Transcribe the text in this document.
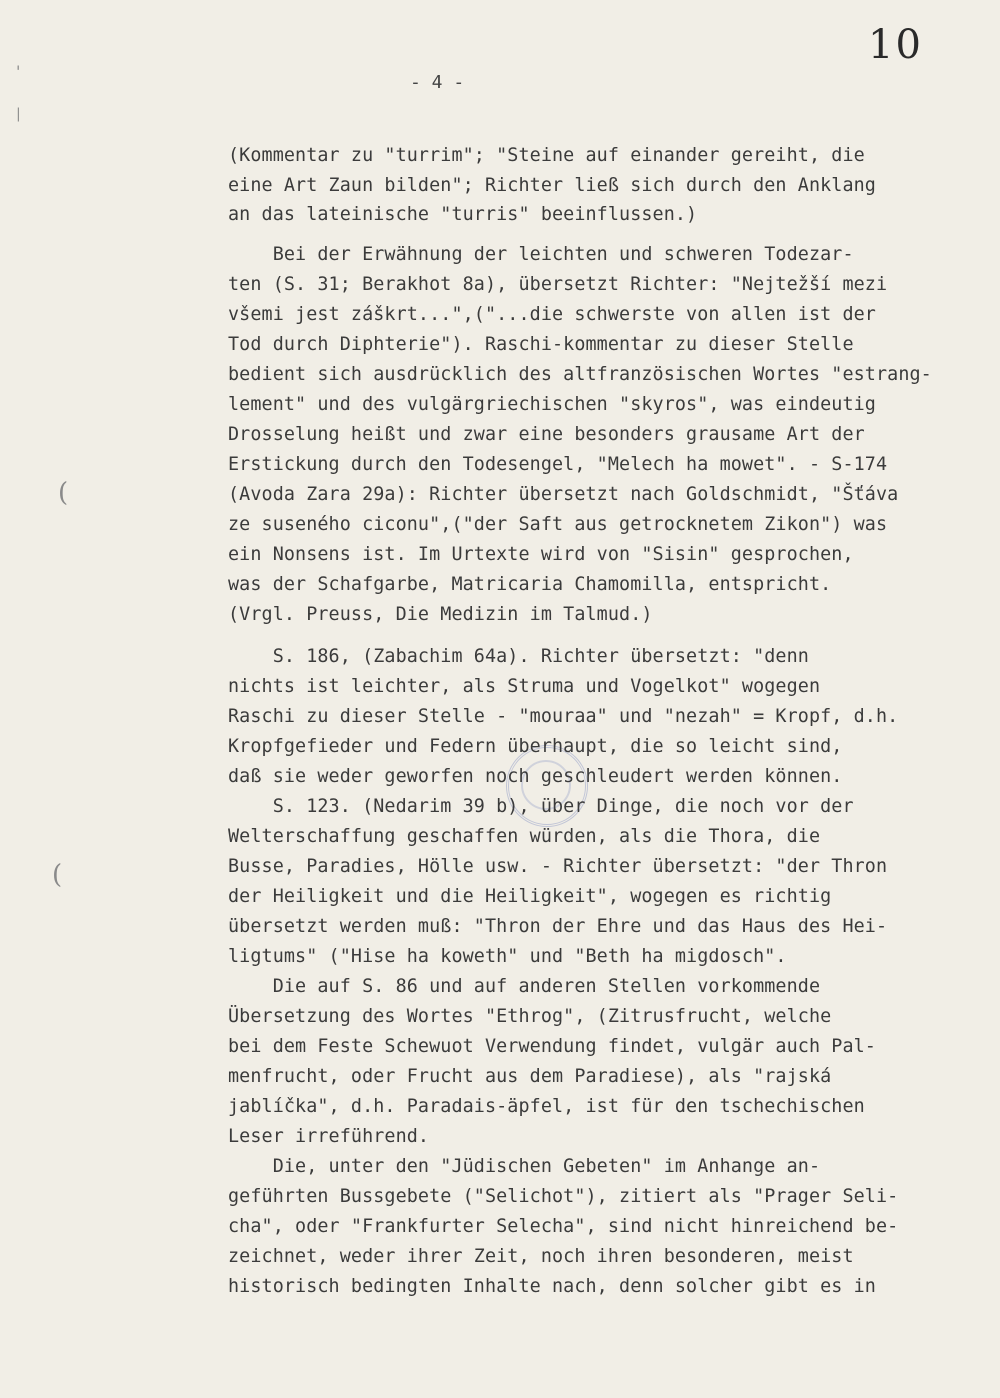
10
- 4 -
'
|
(
(
(Kommentar zu "turrim"; "Steine auf einander gereiht, die
eine Art Zaun bilden"; Richter ließ sich durch den Anklang
an das lateinische "turris" beeinflussen.)
Bei der Erwähnung der leichten und schweren Todezar-
ten (S. 31; Berakhot 8a), übersetzt Richter: "Nejtežší mezi
všemi jest záškrt...",("...die schwerste von allen ist der
Tod durch Diphterie"). Raschi-kommentar zu dieser Stelle
bedient sich ausdrücklich des altfranzösischen Wortes "estrang-
lement" und des vulgärgriechischen "skyros", was eindeutig
Drosselung heißt und zwar eine besonders grausame Art der
Erstickung durch den Todesengel, "Melech ha mowet". - S-174
(Avoda Zara 29a): Richter übersetzt nach Goldschmidt, "Šťáva
ze suseného ciconu",("der Saft aus getrocknetem Zikon") was
ein Nonsens ist. Im Urtexte wird von "Sisin" gesprochen,
was der Schafgarbe, Matricaria Chamomilla, entspricht.
(Vrgl. Preuss, Die Medizin im Talmud.)
S. 186, (Zabachim 64a). Richter übersetzt: "denn
nichts ist leichter, als Struma und Vogelkot" wogegen
Raschi zu dieser Stelle - "mouraa" und "nezah" = Kropf, d.h.
Kropfgefieder und Federn überhaupt, die so leicht sind,
daß sie weder geworfen noch geschleudert werden können.
S. 123. (Nedarim 39 b), über Dinge, die noch vor der
Welterschaffung geschaffen würden, als die Thora, die
Busse, Paradies, Hölle usw. - Richter übersetzt: "der Thron
der Heiligkeit und die Heiligkeit", wogegen es richtig
übersetzt werden muß: "Thron der Ehre und das Haus des Hei-
ligtums" ("Hise ha koweth" und "Beth ha migdosch".
Die auf S. 86 und auf anderen Stellen vorkommende
Übersetzung des Wortes "Ethrog", (Zitrusfrucht, welche
bei dem Feste Schewuot Verwendung findet, vulgär auch Pal-
menfrucht, oder Frucht aus dem Paradiese), als "rajská
jablíčka", d.h. Paradais-äpfel, ist für den tschechischen
Leser irreführend.
Die, unter den "Jüdischen Gebeten" im Anhange an-
geführten Bussgebete ("Selichot"), zitiert als "Prager Seli-
cha", oder "Frankfurter Selecha", sind nicht hinreichend be-
zeichnet, weder ihrer Zeit, noch ihren besonderen, meist
historisch bedingten Inhalte nach, denn solcher gibt es in
